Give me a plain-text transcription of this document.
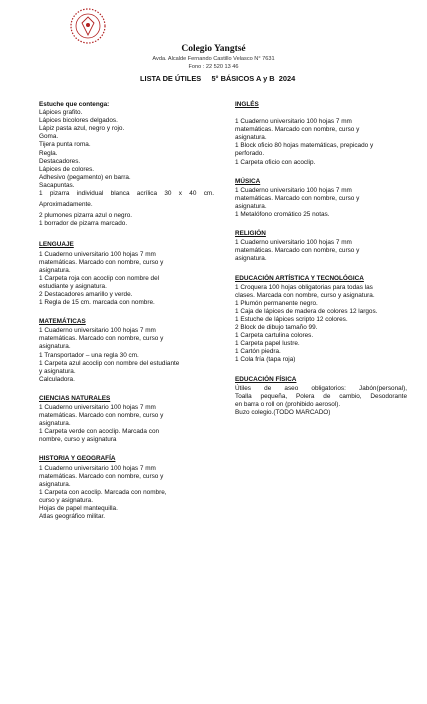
Colegio Yangtsé
Avda. Alcalde Fernando Castillo Velasco N° 7631
Fono : 22 520 13 46
LISTA DE ÚTILES     5° BÁSICOS A y B  2024
Estuche que contenga:
Lápices grafito.
Lápices bicolores delgados.
Lápiz pasta azul, negro y rojo.
Goma.
Tijera punta roma.
Regla.
Destacadores.
Lápices de colores.
Adhesivo (pegamento) en barra.
Sacapuntas.
1 pizarra individual blanca acrílica 30 x 40 cm.
Aproximadamente.
2 plumones pizarra azul o negro.
1 borrador de pizarra marcado.
LENGUAJE
1 Cuaderno universitario 100 hojas 7 mm
matemáticas. Marcado con nombre, curso y
asignatura.
1 Carpeta roja con acoclip con nombre del
estudiante y asignatura.
2 Destacadores amarillo y verde.
1 Regla de 15 cm. marcada con nombre.
MATEMÁTICAS
1 Cuaderno universitario 100 hojas 7 mm
matemáticas. Marcado con nombre, curso y
asignatura.
1 Transportador – una regla 30 cm.
1 Carpeta azul acoclip con nombre del estudiante
y asignatura.
Calculadora.
CIENCIAS NATURALES
1 Cuaderno universitario 100 hojas 7 mm
matemáticas. Marcado con nombre, curso y
asignatura.
1 Carpeta verde con acoclip. Marcada con
nombre, curso y asignatura
HISTORIA Y GEOGRAFÍA
1 Cuaderno universitario 100 hojas 7 mm
matemáticas. Marcado con nombre, curso y
asignatura.
1 Carpeta con acoclip. Marcada con nombre,
curso y asignatura.
Hojas de papel mantequilla.
Atlas geográfico militar.
INGLÉS
1 Cuaderno universitario 100 hojas 7 mm
matemáticas. Marcado con nombre, curso y
asignatura.
1 Block oficio 80 hojas matemáticas, prepicado y
perforado.
1 Carpeta oficio con acoclip.
MÚSICA
1 Cuaderno universitario 100 hojas 7 mm
matemáticas. Marcado con nombre, curso y
asignatura.
1 Metalófono cromático 25 notas.
RELIGIÓN
1 Cuaderno universitario 100 hojas 7 mm
matemáticas. Marcado con nombre, curso y
asignatura.
EDUCACIÓN ARTÍSTICA Y TECNOLÓGICA
1 Croquera 100 hojas obligatorias para todas las
clases. Marcada con nombre, curso y asignatura.
1 Plumón permanente negro.
1 Caja de lápices de madera de colores 12 largos.
1 Estuche de lápices scripto 12 colores.
2 Block de dibujo tamaño 99.
1 Carpeta cartulina colores.
1 Carpeta papel lustre.
1 Cartón piedra.
1 Cola fría (tapa roja)
EDUCACIÓN FÍSICA
Útiles de aseo obligatorios: Jabón(personal),
Toalla pequeña, Polera de cambio, Desodorante
en barra o roll on (prohibido aerosol).
Buzo colegio.(TODO MARCADO)
